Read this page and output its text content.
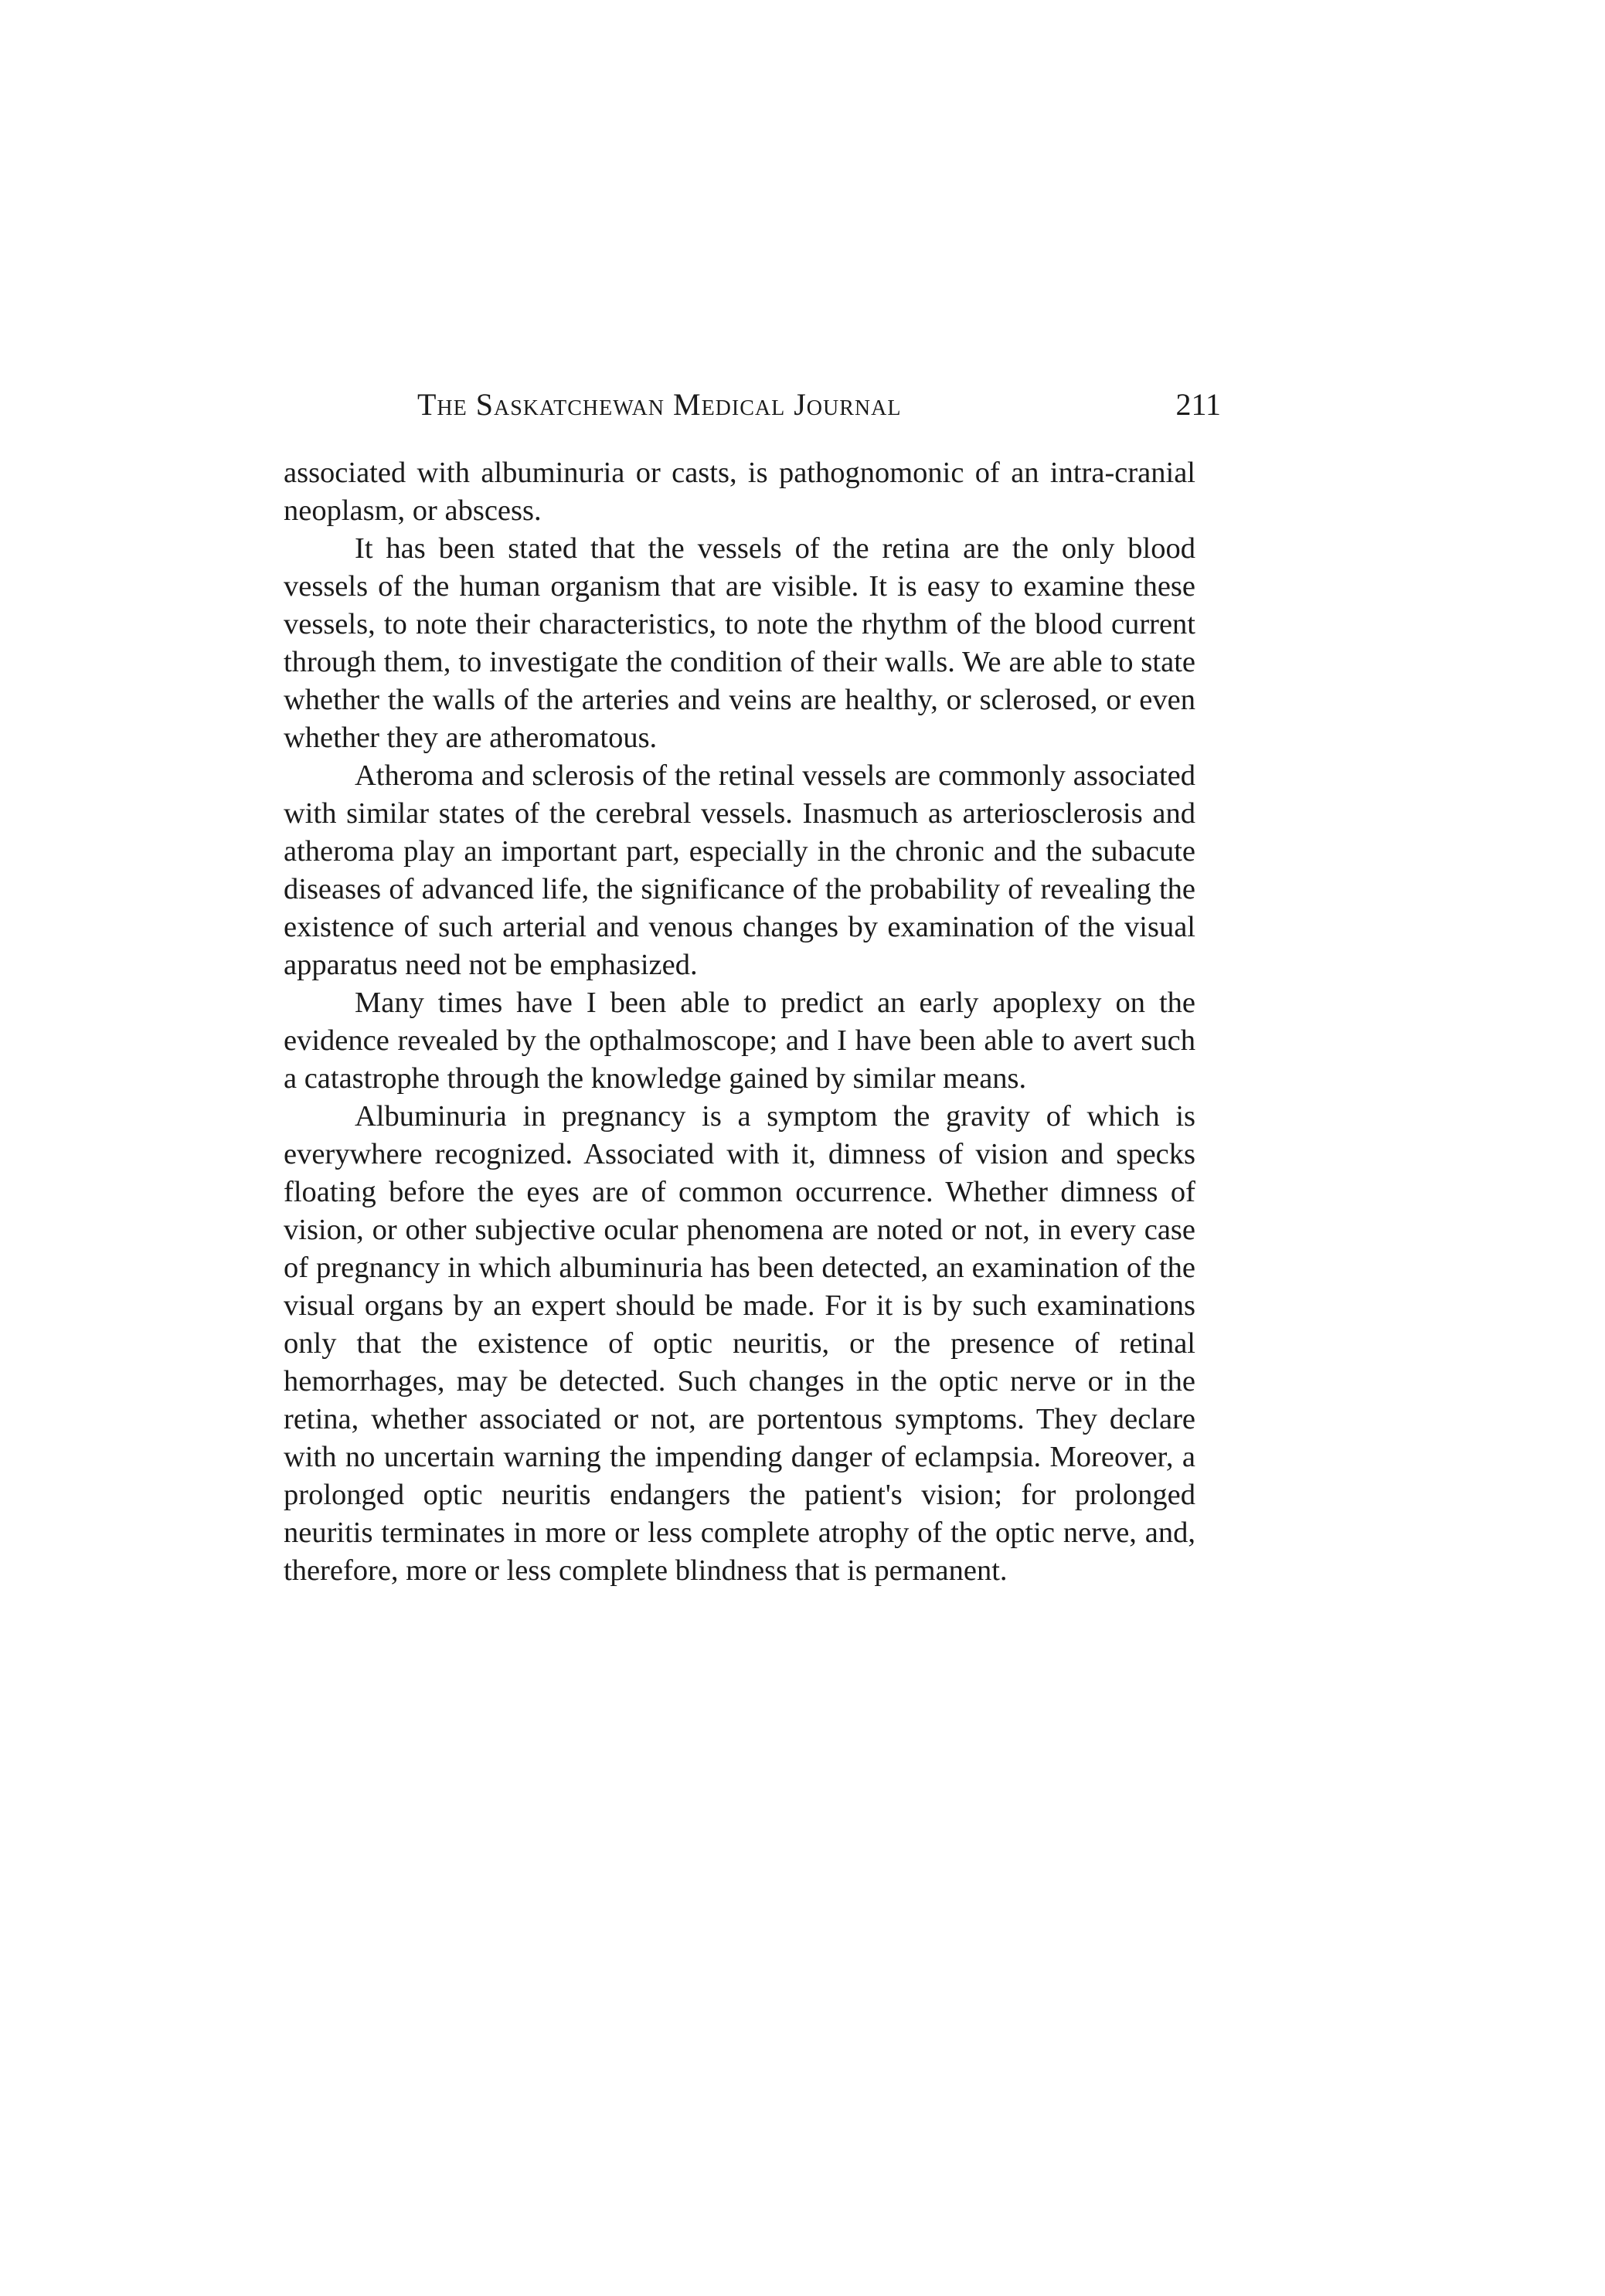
The Saskatchewan Medical Journal	211

associated with albuminuria or casts, is pathognomonic of an intra-cranial neoplasm, or abscess.

It has been stated that the vessels of the retina are the only blood vessels of the human organism that are visible. It is easy to examine these vessels, to note their characteristics, to note the rhythm of the blood current through them, to investigate the condition of their walls. We are able to state whether the walls of the arteries and veins are healthy, or sclerosed, or even whether they are atheromatous.

Atheroma and sclerosis of the retinal vessels are commonly associated with similar states of the cerebral vessels. Inasmuch as arteriosclerosis and atheroma play an important part, especially in the chronic and the subacute diseases of advanced life, the significance of the probability of revealing the existence of such arterial and venous changes by examination of the visual apparatus need not be emphasized.

Many times have I been able to predict an early apoplexy on the evidence revealed by the opthalmoscope; and I have been able to avert such a catastrophe through the knowledge gained by similar means.

Albuminuria in pregnancy is a symptom the gravity of which is everywhere recognized. Associated with it, dimness of vision and specks floating before the eyes are of common occurrence. Whether dimness of vision, or other subjective ocular phenomena are noted or not, in every case of pregnancy in which albuminuria has been detected, an examination of the visual organs by an expert should be made. For it is by such examinations only that the existence of optic neuritis, or the presence of retinal hemorrhages, may be detected. Such changes in the optic nerve or in the retina, whether associated or not, are portentous symptoms. They declare with no uncertain warning the impending danger of eclampsia. Moreover, a prolonged optic neuritis endangers the patient's vision; for prolonged neuritis terminates in more or less complete atrophy of the optic nerve, and, therefore, more or less complete blindness that is permanent.
